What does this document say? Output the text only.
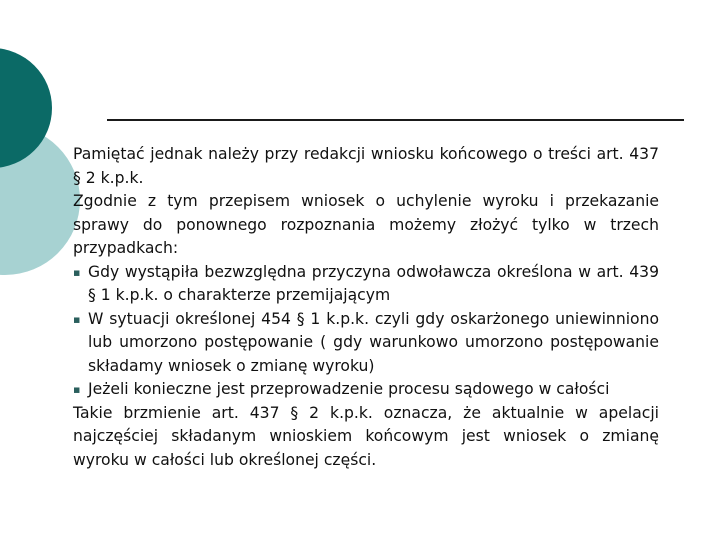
Pamiętać jednak należy przy redakcji wniosku końcowego o treści art. 437 § 2 k.p.k.

Zgodnie z tym przepisem wniosek o uchylenie wyroku i przekazanie sprawy do ponownego rozpoznania możemy złożyć tylko w trzech przypadkach:

▪ Gdy wystąpiła bezwzględna przyczyna odwoławcza określona w art. 439 § 1 k.p.k. o charakterze przemijającym
▪ W sytuacji określonej 454 § 1 k.p.k. czyli gdy oskarżonego uniewinniono lub umorzono postępowanie ( gdy warunkowo umorzono postępowanie składamy wniosek o zmianę wyroku)
▪ Jeżeli konieczne jest przeprowadzenie procesu sądowego w całości

Takie brzmienie art. 437 § 2 k.p.k. oznacza, że aktualnie w apelacji najczęściej składanym wnioskiem końcowym jest wniosek o zmianę wyroku w całości lub określonej części.
